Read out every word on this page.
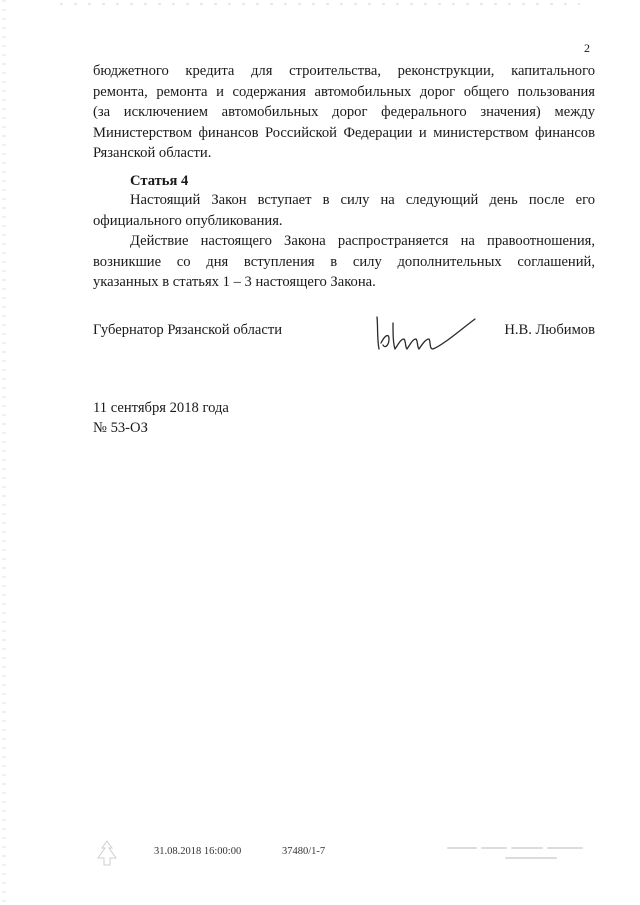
2
бюджетного кредита для строительства, реконструкции, капитального
ремонта, ремонта и содержания автомобильных дорог общего пользования
(за исключением автомобильных дорог федерального значения) между
Министерством финансов Российской Федерации и министерством финансов
Рязанской области.
Статья 4
Настоящий Закон вступает в силу на следующий день после его
официального опубликования.
Действие настоящего Закона распространяется на правоотношения,
возникшие со дня вступления в силу дополнительных соглашений,
указанных в статьях 1 – 3 настоящего Закона.
Губернатор Рязанской области	Н.В. Любимов
11 сентября 2018 года
№ 53-ОЗ
31.08.2018 16:00:00	37480/1-7
